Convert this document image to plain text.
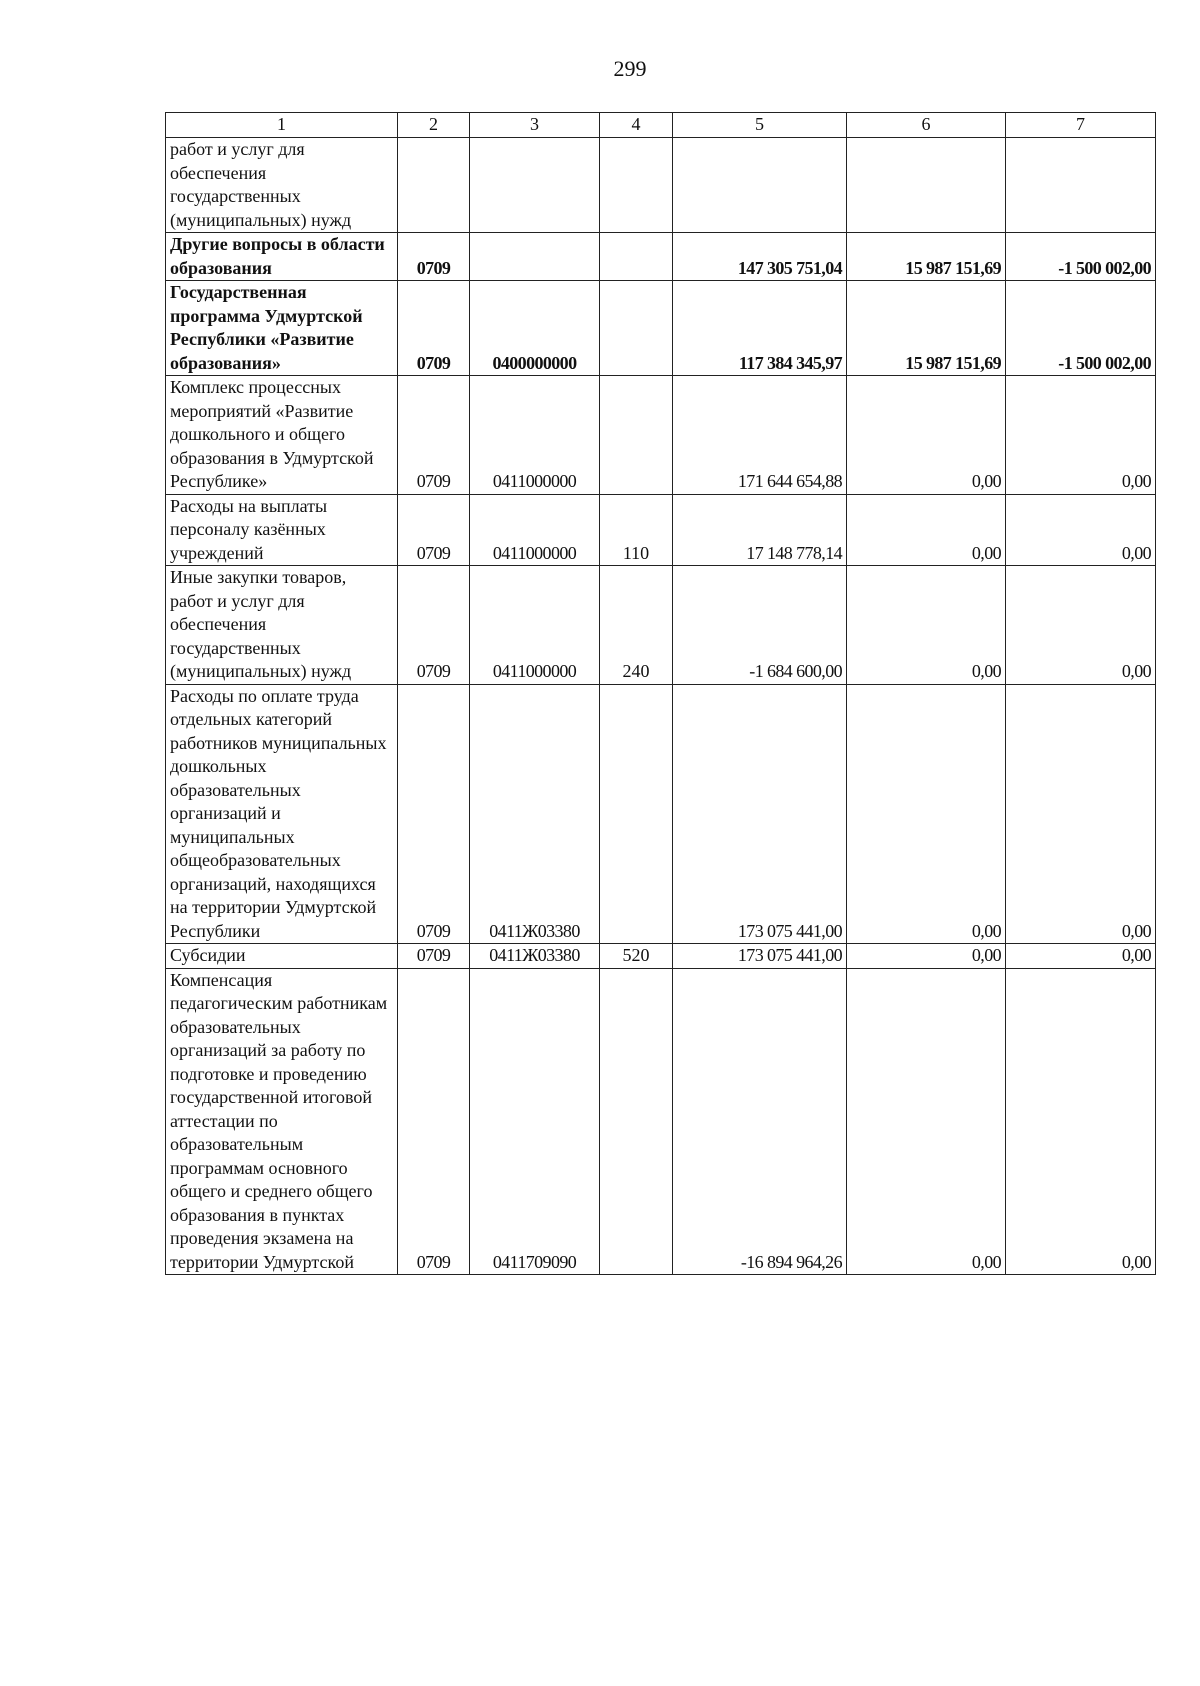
299
1	2	3	4	5	6	7
работ и услуг для обеспечения государственных (муниципальных) нужд						
Другие вопросы в области образования	0709			147 305 751,04	15 987 151,69	-1 500 002,00
Государственная программа Удмуртской Республики «Развитие образования»	0709	0400000000		117 384 345,97	15 987 151,69	-1 500 002,00
Комплекс процессных мероприятий «Развитие дошкольного и общего образования в Удмуртской Республике»	0709	0411000000		171 644 654,88	0,00	0,00
Расходы на выплаты персоналу казённых учреждений	0709	0411000000	110	17 148 778,14	0,00	0,00
Иные закупки товаров, работ и услуг для обеспечения государственных (муниципальных) нужд	0709	0411000000	240	-1 684 600,00	0,00	0,00
Расходы по оплате труда отдельных категорий работников муниципальных дошкольных образовательных организаций и муниципальных общеобразовательных организаций, находящихся на территории Удмуртской Республики	0709	0411Ж03380		173 075 441,00	0,00	0,00
Субсидии	0709	0411Ж03380	520	173 075 441,00	0,00	0,00
Компенсация педагогическим работникам образовательных организаций за работу по подготовке и проведению государственной итоговой аттестации по образовательным программам основного общего и среднего общего образования в пунктах проведения экзамена на территории Удмуртской	0709	0411709090		-16 894 964,26	0,00	0,00
